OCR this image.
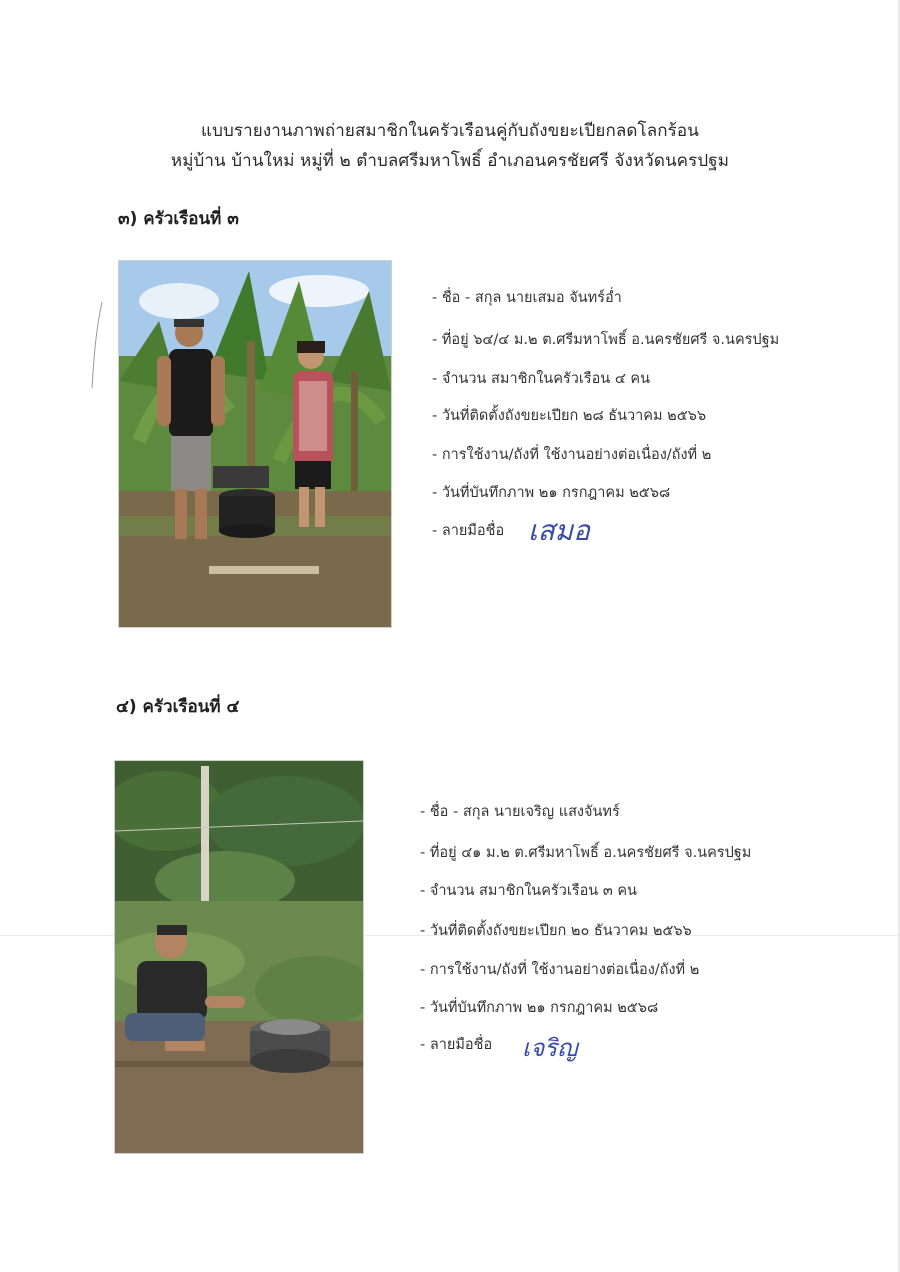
แบบรายงานภาพถ่ายสมาชิกในครัวเรือนคู่กับถังขยะเปียกลดโลกร้อน
หมู่บ้าน บ้านใหม่ หมู่ที่ ๒ ตำบลศรีมหาโพธิ์ อำเภอนครชัยศรี จังหวัดนครปฐม
๓) ครัวเรือนที่ ๓
- ชื่อ - สกุล นายเสมอ จันทร์อ่ำ
- ที่อยู่ ๖๔/๔ ม.๒ ต.ศรีมหาโพธิ์ อ.นครชัยศรี จ.นครปฐม
- จำนวน สมาชิกในครัวเรือน ๔ คน
- วันที่ติดตั้งถังขยะเปียก ๒๘ ธันวาคม ๒๕๖๖
- การใช้งาน/ถังที่ ใช้งานอย่างต่อเนื่อง/ถังที่ ๒
- วันที่บันทึกภาพ ๒๑ กรกฎาคม ๒๕๖๘
- ลายมือชื่อ เสมอ
๔) ครัวเรือนที่ ๔
- ชื่อ - สกุล นายเจริญ แสงจันทร์
- ที่อยู่ ๔๑ ม.๒ ต.ศรีมหาโพธิ์ อ.นครชัยศรี จ.นครปฐม
- จำนวน สมาชิกในครัวเรือน ๓ คน
- วันที่ติดตั้งถังขยะเปียก ๒๐ ธันวาคม ๒๕๖๖
- การใช้งาน/ถังที่ ใช้งานอย่างต่อเนื่อง/ถังที่ ๒
- วันที่บันทึกภาพ ๒๑ กรกฎาคม ๒๕๖๘
- ลายมือชื่อ เจริญ
